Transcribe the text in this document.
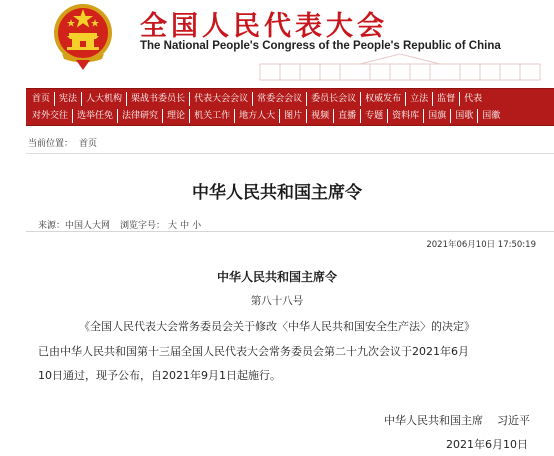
全国人民代表大会
The National People's Congress of the People's Republic of China
首页	宪法	人大机构	栗战书委员长	代表大会会议	常委会会议	委员长会议	权威发布	立法	监督	代表
对外交往	选举任免	法律研究	理论	机关工作	地方人大	图片	视频	直播	专题	资料库	国旗	国歌	国徽
当前位置： 首页
中华人民共和国主席令
来源：中国人大网 浏览字号： 大 中 小
2021年06月10日 17:50:19
中华人民共和国主席令
第八十八号
《全国人民代表大会常务委员会关于修改〈中华人民共和国安全生产法〉的决定》
已由中华人民共和国第十三届全国人民代表大会常务委员会第二十九次会议于2021年6月
10日通过，现予公布，自2021年9月1日起施行。
中华人民共和国主席 习近平
2021年6月10日
